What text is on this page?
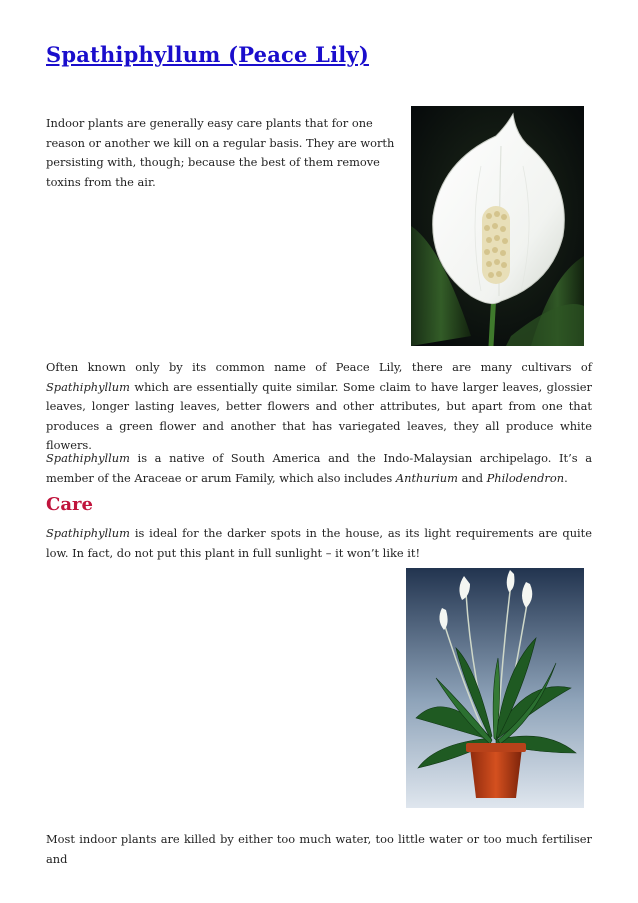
Spathiphyllum (Peace Lily)

Indoor plants are generally easy care plants that for one reason or another we kill on a regular basis. They are worth persisting with, though; because the best of them remove toxins from the air.

Often known only by its common name of Peace Lily, there are many cultivars of Spathiphyllum which are essentially quite similar. Some claim to have larger leaves, glossier leaves, longer lasting leaves, better flowers and other attributes, but apart from one that produces a green flower and another that has variegated leaves, they all produce white flowers.

Spathiphyllum is a native of South America and the Indo-Malaysian archipelago. It’s a member of the Araceae or arum Family, which also includes Anthurium and Philodendron.

Care

Spathiphyllum is ideal for the darker spots in the house, as its light requirements are quite low. In fact, do not put this plant in full sunlight – it won’t like it!

Most indoor plants are killed by either too much water, too little water or too much fertiliser and
